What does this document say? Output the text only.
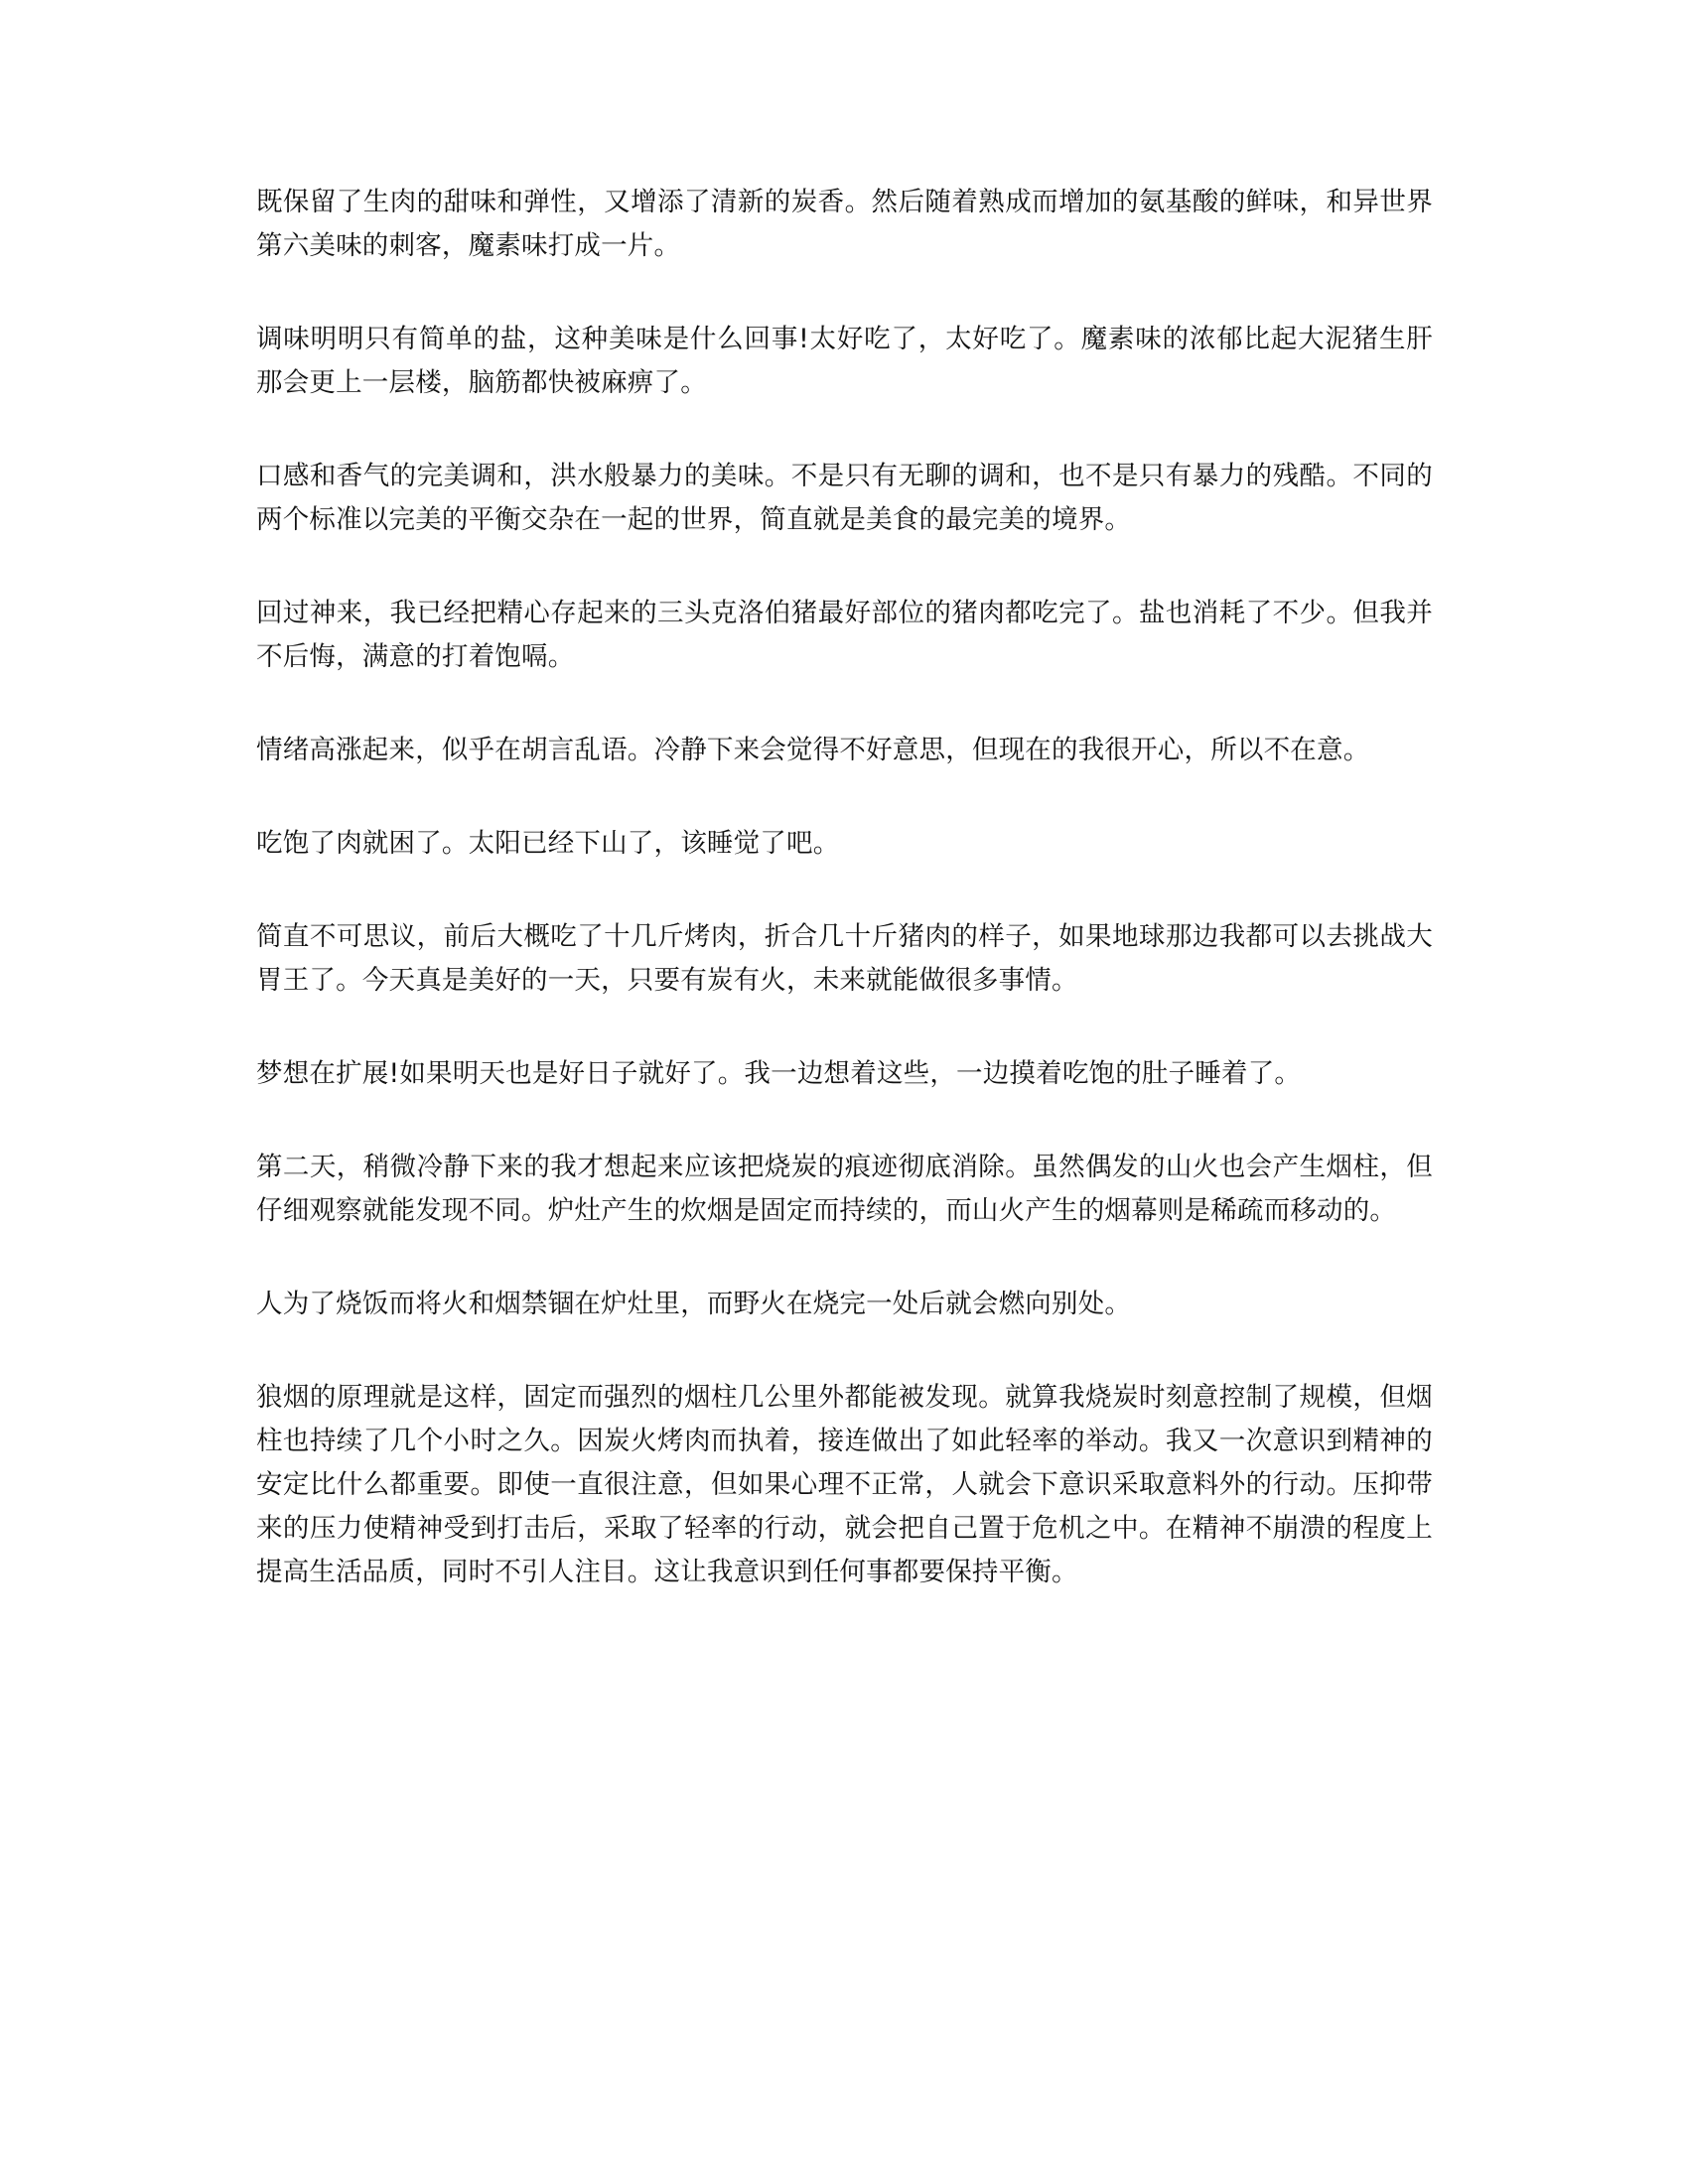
既保留了生肉的甜味和弹性，又增添了清新的炭香。然后随着熟成而增加的氨基酸的鲜味，和异世界第六美味的刺客，魔素味打成一片。

调味明明只有简单的盐，这种美味是什么回事!太好吃了，太好吃了。魔素味的浓郁比起大泥猪生肝那会更上一层楼，脑筋都快被麻痹了。

口感和香气的完美调和，洪水般暴力的美味。不是只有无聊的调和，也不是只有暴力的残酷。不同的两个标准以完美的平衡交杂在一起的世界，简直就是美食的最完美的境界。

回过神来，我已经把精心存起来的三头克洛伯猪最好部位的猪肉都吃完了。盐也消耗了不少。但我并不后悔，满意的打着饱嗝。

情绪高涨起来，似乎在胡言乱语。冷静下来会觉得不好意思，但现在的我很开心，所以不在意。

吃饱了肉就困了。太阳已经下山了，该睡觉了吧。

简直不可思议，前后大概吃了十几斤烤肉，折合几十斤猪肉的样子，如果地球那边我都可以去挑战大胃王了。今天真是美好的一天，只要有炭有火，未来就能做很多事情。

梦想在扩展!如果明天也是好日子就好了。我一边想着这些，一边摸着吃饱的肚子睡着了。

第二天，稍微冷静下来的我才想起来应该把烧炭的痕迹彻底消除。虽然偶发的山火也会产生烟柱，但仔细观察就能发现不同。炉灶产生的炊烟是固定而持续的，而山火产生的烟幕则是稀疏而移动的。

人为了烧饭而将火和烟禁锢在炉灶里，而野火在烧完一处后就会燃向别处。

狼烟的原理就是这样，固定而强烈的烟柱几公里外都能被发现。就算我烧炭时刻意控制了规模，但烟柱也持续了几个小时之久。因炭火烤肉而执着，接连做出了如此轻率的举动。我又一次意识到精神的安定比什么都重要。即使一直很注意，但如果心理不正常，人就会下意识采取意料外的行动。压抑带来的压力使精神受到打击后，采取了轻率的行动，就会把自己置于危机之中。在精神不崩溃的程度上提高生活品质，同时不引人注目。这让我意识到任何事都要保持平衡。
